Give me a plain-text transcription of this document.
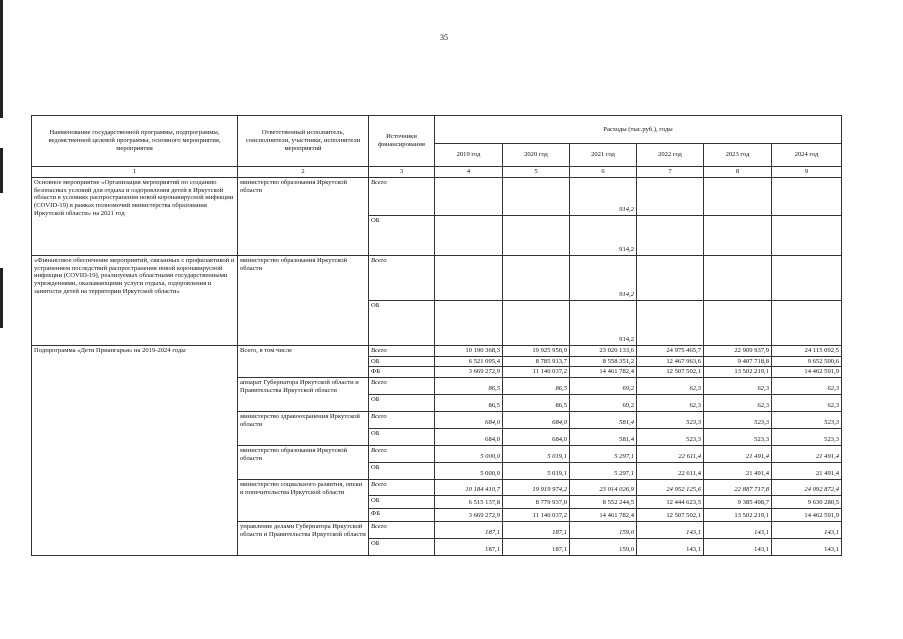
35
Наименование государственной программы, подпрограммы, ведомственной целевой программы, основного мероприятия, мероприятия	Ответственный исполнитель, соисполнители, участники, исполнители мероприятий	Источники финансирования	Расходы (тыс.руб.), годы					
			2019 год	2020 год	2021 год	2022 год	2023 год	2024 год
1	2	3	4	5	6	7	8	9
Основное мероприятие «Организация мероприятий по созданию безопасных условий для отдыха и оздоровления детей в Иркутской области в условиях распространения новой коронавирусной инфекции (COVID-19) в рамках полномочий министерства образования Иркутской области» на 2021 год	министерство образования Иркутской области	Всего			914,2			
		ОБ			914,2			
«Финансовое обеспечение мероприятий, связанных с профилактикой и устранением последствий распространения новой коронавирусной инфекции (COVID-19), реализуемых областными государственными учреждениями, оказывающими услуги отдыха, оздоровления и занятости детей на территории Иркутской области»	министерство образования Иркутской области	Всего			914,2			
		ОБ			914,2			
Подпрограмма «Дети Приангарья» на 2019-2024 годы	Всего, в том числе	Всего	10 190 368,3	19 925 950,9	23 020 133,6	24 975 465,7	22 909 937,9	24 115 092,5
		ОБ	6 521 095,4	8 785 913,7	8 558 351,2	12 467 963,6	9 407 718,8	9 652 500,6
		ФБ	3 669 272,9	11 140 037,2	14 461 782,4	12 507 502,1	13 502 219,1	14 462 591,9
	аппарат Губернатора Иркутской области и Правительства Иркутской области	Всего	86,5	86,5	69,2	62,3	62,3	62,3
		ОБ	86,5	86,5	69,2	62,3	62,3	62,3
	министерство здравоохранения Иркутской области	Всего	684,0	684,0	581,4	523,3	523,3	523,3
		ОБ	684,0	684,0	581,4	523,3	523,3	523,3
	министерство образования Иркутской области	Всего	5 000,0	5 019,1	5 297,1	22 611,4	21 491,4	21 491,4
		ОБ	5 000,0	5 019,1	5 297,1	22 611,4	21 491,4	21 491,4
	министерство социального развития, опеки и попечительства Иркутской области	Всего	10 184 410,7	19 919 974,2	23 014 026,9	24 952 125,6	22 887 717,8	24 092 872,4
		ОБ	6 515 137,8	8 779 937,0	8 552 244,5	12 444 623,5	9 385 498,7	9 630 280,5
		ФБ	3 669 272,9	11 140 037,2	14 461 782,4	12 507 502,1	13 502 219,1	14 462 591,9
	управление делами Губернатора Иркутской области и Правительства Иркутской области	Всего	187,1	187,1	159,0	143,1	143,1	143,1
		ОБ	187,1	187,1	159,0	143,1	143,1	143,1
